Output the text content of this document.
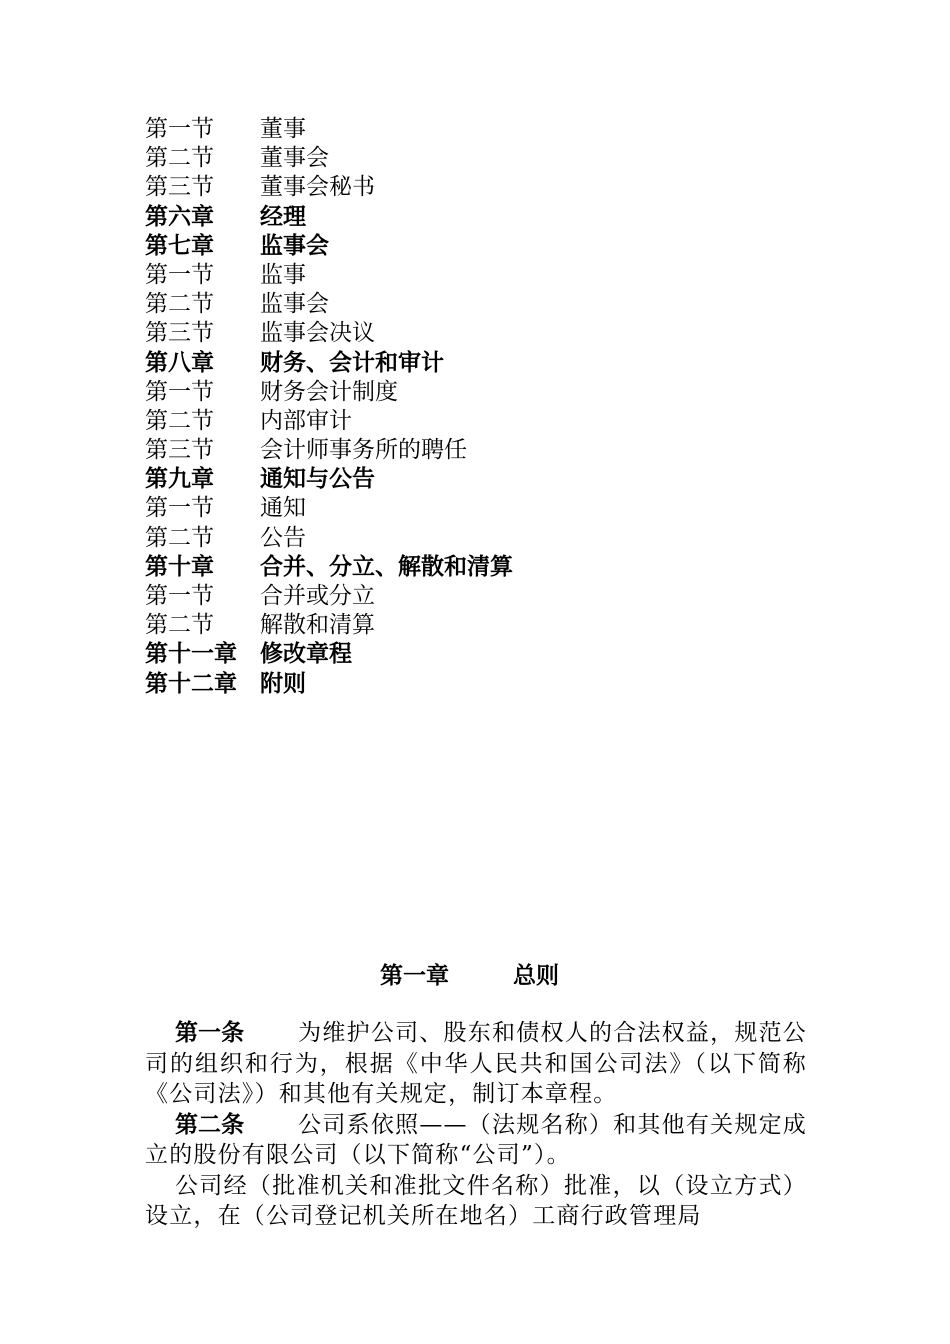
第一节 董事
第二节 董事会
第三节 董事会秘书
第六章 经理
第七章 监事会
第一节 监事
第二节 监事会
第三节 监事会决议
第八章 财务、会计和审计
第一节 财务会计制度
第二节 内部审计
第三节 会计师事务所的聘任
第九章 通知与公告
第一节 通知
第二节 公告
第十章 合并、分立、解散和清算
第一节 合并或分立
第二节 解散和清算
第十一章 修改章程
第十二章 附则
第一章	总则

第一条 为维护公司、股东和债权人的合法权益，规范公司的组织和行为，根据《中华人民共和国公司法》（以下简称《公司法》）和其他有关规定，制订本章程。

第二条 公司系依照——（法规名称）和其他有关规定成立的股份有限公司（以下简称“公司”）。

公司经（批准机关和准批文件名称）批准，以（设立方式）设立，在（公司登记机关所在地名）工商行政管理局
